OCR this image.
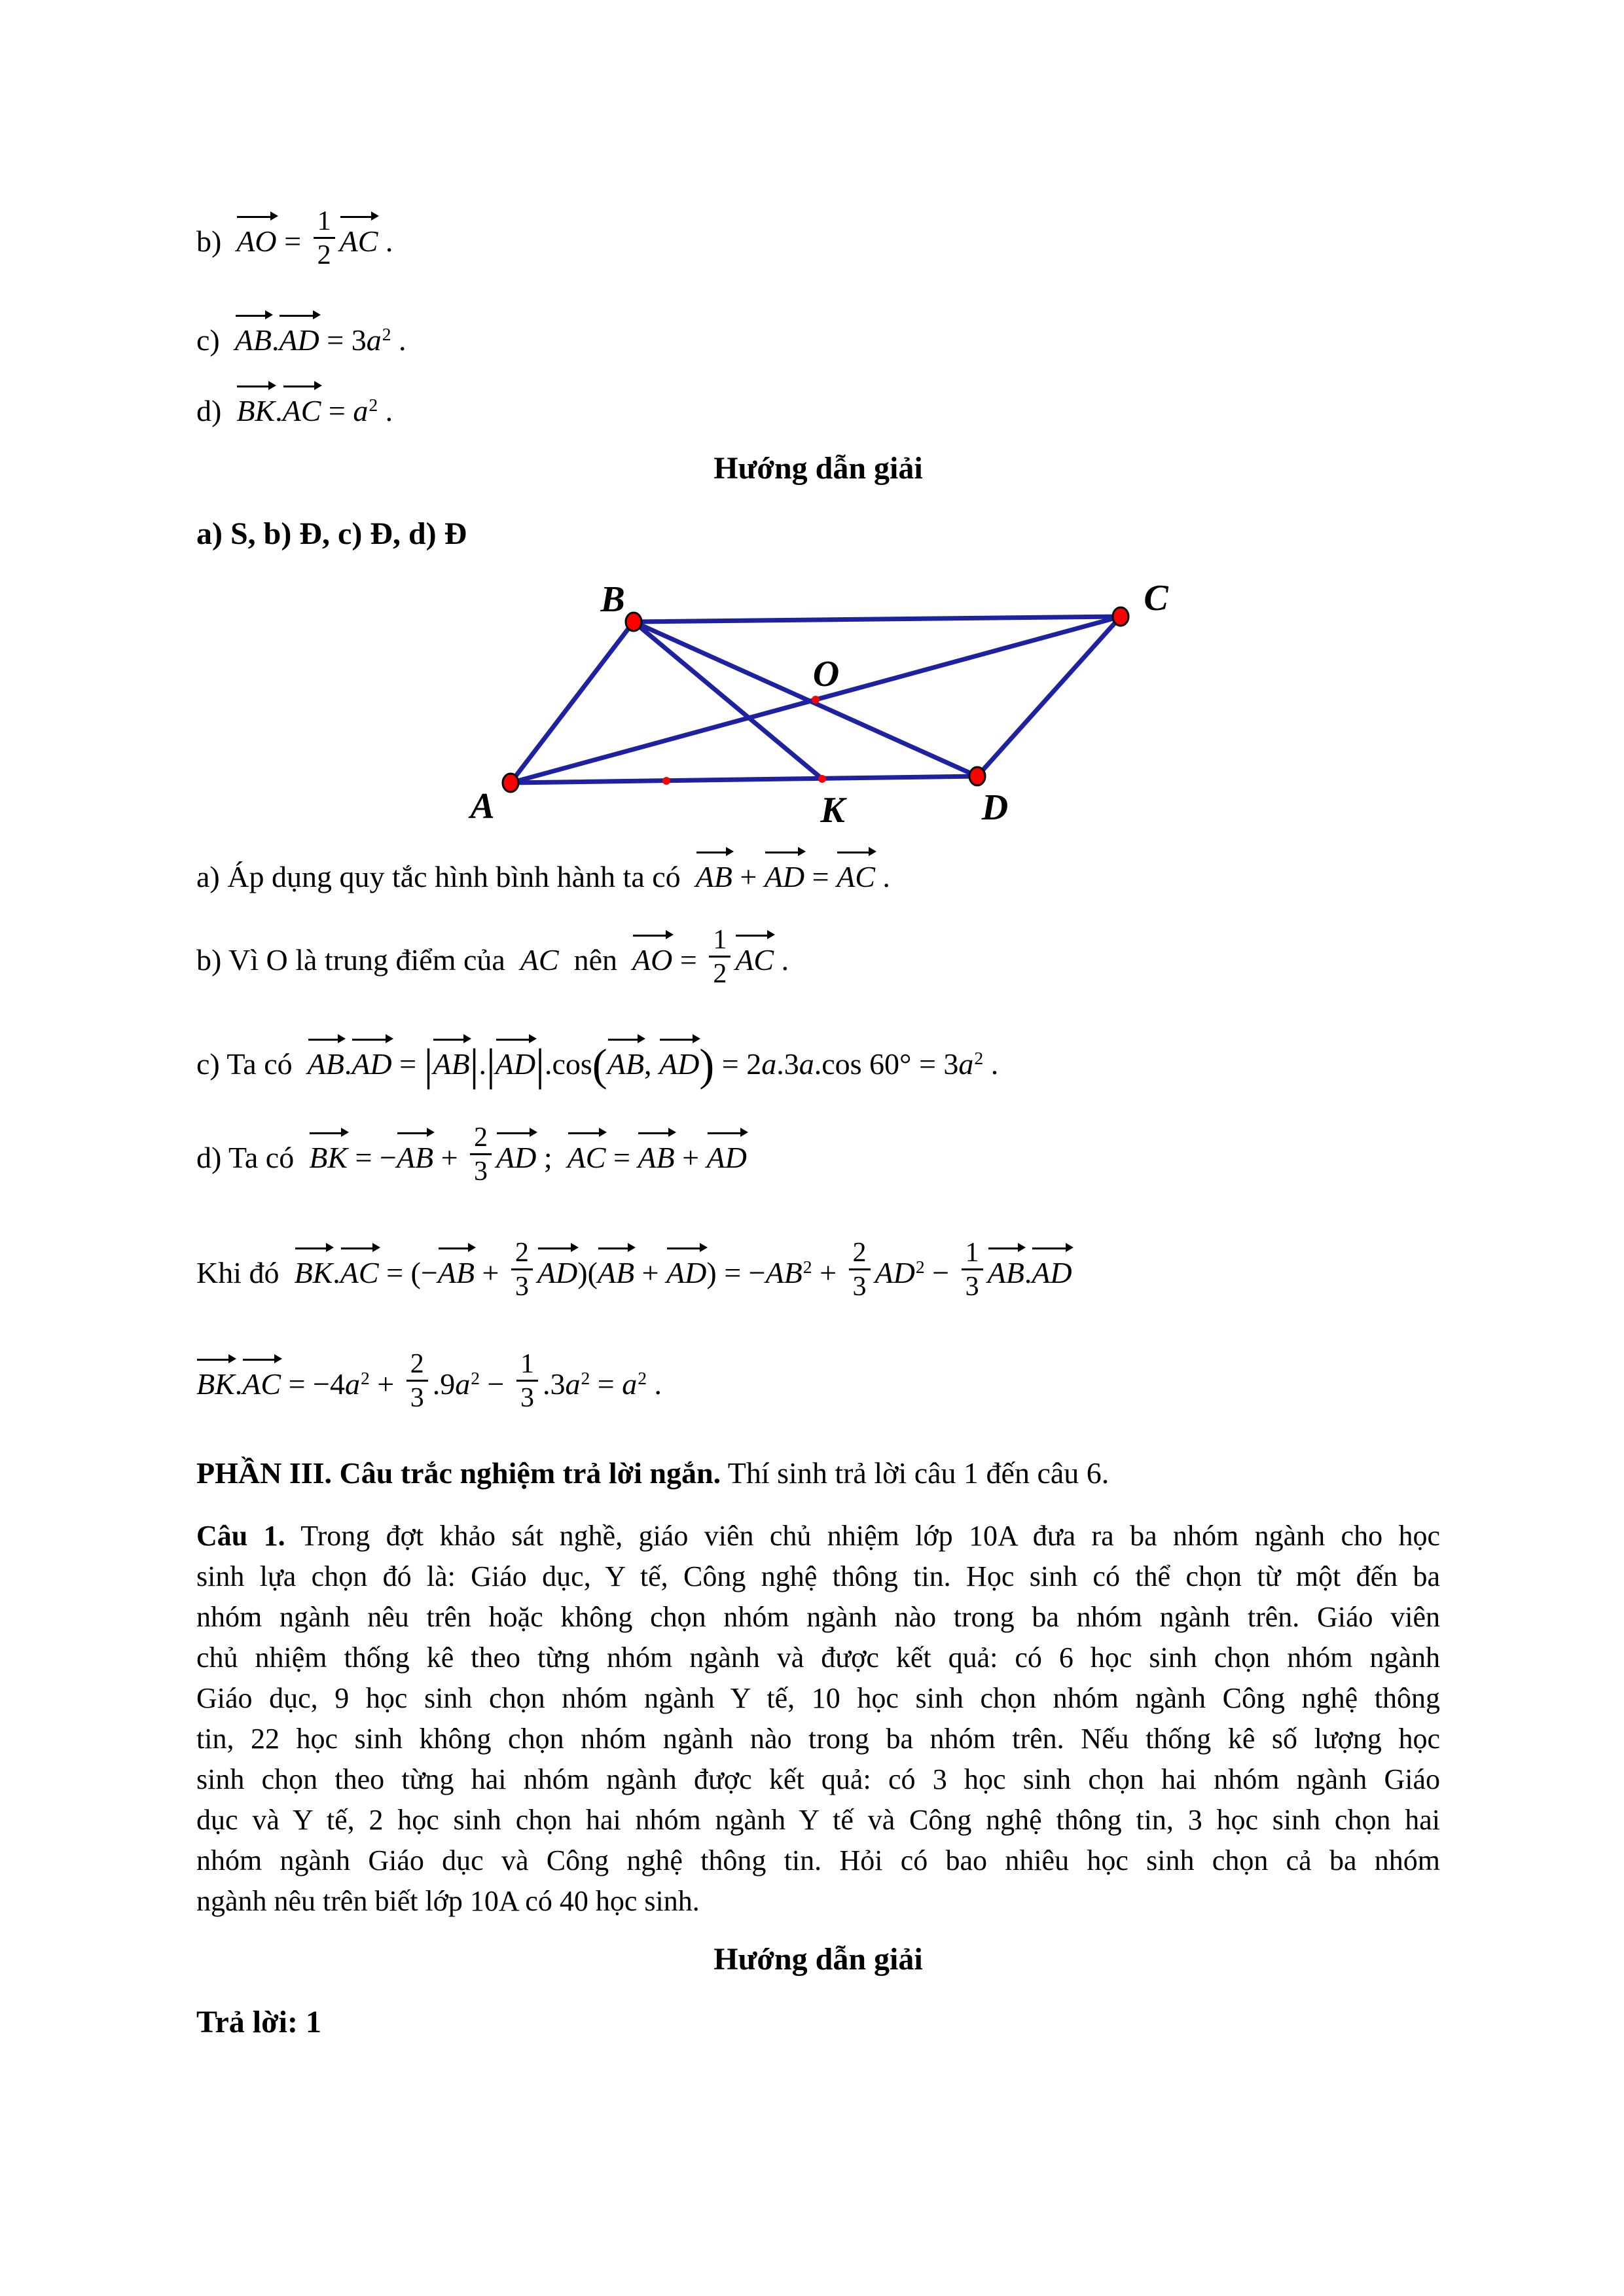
b)  AO = $\frac{1}{2}$ AC .
c)  $AB.AD = 3a^2$ .
d)  $BK.AC = a^2$ .
Hướng dẫn giải
a) S, b) Đ, c) Đ, d) Đ
A
B	C
D
O
K
a) Áp dụng quy tắc hình bình hành ta có  AB + AD = AC .
b) Vì O là trung điểm của  AC  nên  AO = $\frac{1}{2}$ AC .
c) Ta có  AB.AD = |AB|.|AD|.cos(AB, AD) = 2a.3a.cos $60^\circ = 3a^2$ .
d) Ta có  BK = $-AB + \frac{2}{3}$ AD ;  AC = AB + AD
Khi đó  $BK.AC = (-AB + \frac{2}{3} AD)(AB + AD) = -AB^2 + \frac{2}{3} AD^2 - \frac{1}{3} AB.AD$
$BK.AC = -4a^2 + \frac{2}{3} .9a^2 - \frac{1}{3} .3a^2 = a^2$ .
PHẦN III. Câu trắc nghiệm trả lời ngắn. Thí sinh trả lời câu 1 đến câu 6.
Câu 1. Trong đợt khảo sát nghề, giáo viên chủ nhiệm lớp 10A đưa ra ba nhóm ngành cho học
sinh lựa chọn đó là: Giáo dục, Y tế, Công nghệ thông tin. Học sinh có thể chọn từ một đến ba
nhóm ngành nêu trên hoặc không chọn nhóm ngành nào trong ba nhóm ngành trên. Giáo viên
chủ nhiệm thống kê theo từng nhóm ngành và được kết quả: có 6 học sinh chọn nhóm ngành
Giáo dục, 9 học sinh chọn nhóm ngành Y tế, 10 học sinh chọn nhóm ngành Công nghệ thông
tin, 22 học sinh không chọn nhóm ngành nào trong ba nhóm trên. Nếu thống kê số lượng học
sinh chọn theo từng hai nhóm ngành được kết quả: có 3 học sinh chọn hai nhóm ngành Giáo
dục và Y tế, 2 học sinh chọn hai nhóm ngành Y tế và Công nghệ thông tin, 3 học sinh chọn hai
nhóm ngành Giáo dục và Công nghệ thông tin. Hỏi có bao nhiêu học sinh chọn cả ba nhóm
ngành nêu trên biết lớp 10A có 40 học sinh.
Hướng dẫn giải
Trả lời: 1
